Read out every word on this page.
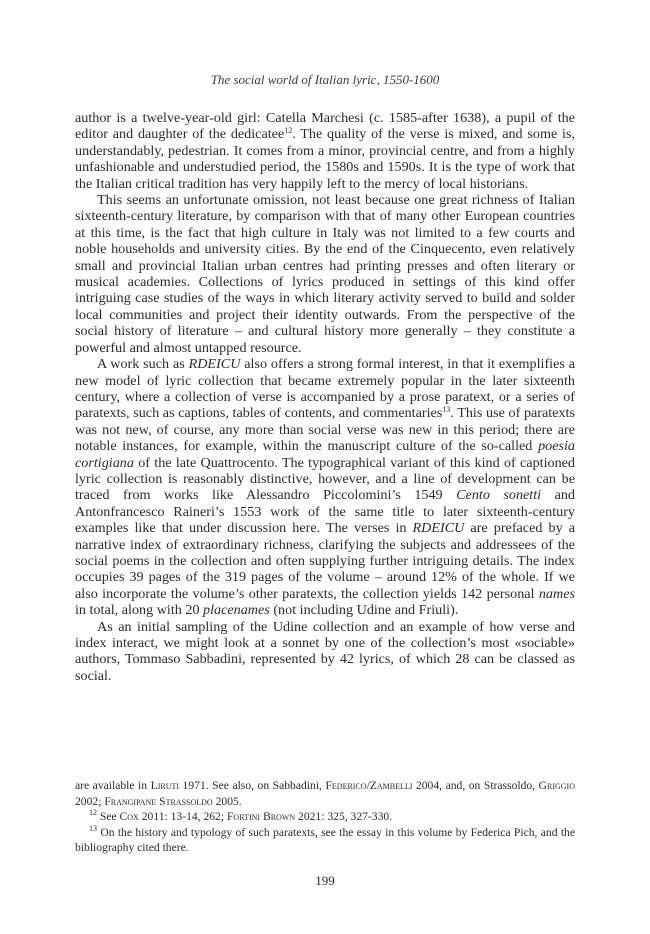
The social world of Italian lyric, 1550-1600

author is a twelve-year-old girl: Catella Marchesi (c. 1585-after 1638), a pupil of the editor and daughter of the dedicatee$^{12}$. The quality of the verse is mixed, and some is, understandably, pedestrian. It comes from a minor, provincial centre, and from a highly unfashionable and understudied period, the 1580s and 1590s. It is the type of work that the Italian critical tradition has very happily left to the mercy of local historians.

This seems an unfortunate omission, not least because one great richness of Italian sixteenth-century literature, by comparison with that of many other European countries at this time, is the fact that high culture in Italy was not limited to a few courts and noble households and university cities. By the end of the Cinquecento, even relatively small and provincial Italian urban centres had printing presses and often literary or musical academies. Collections of lyrics produced in settings of this kind offer intriguing case studies of the ways in which literary activity served to build and solder local communities and project their identity outwards. From the perspective of the social history of literature – and cultural history more generally – they constitute a powerful and almost untapped resource.

A work such as RDEICU also offers a strong formal interest, in that it exemplifies a new model of lyric collection that became extremely popular in the later sixteenth century, where a collection of verse is accompanied by a prose paratext, or a series of paratexts, such as captions, tables of contents, and commentaries$^{13}$. This use of paratexts was not new, of course, any more than social verse was new in this period; there are notable instances, for example, within the manuscript culture of the so-called poesia cortigiana of the late Quattrocento. The typographical variant of this kind of captioned lyric collection is reasonably distinctive, however, and a line of development can be traced from works like Alessandro Piccolomini’s 1549 Cento sonetti and Antonfrancesco Raineri’s 1553 work of the same title to later sixteenth-century examples like that under discussion here. The verses in RDEICU are prefaced by a narrative index of extraordinary richness, clarifying the subjects and addressees of the social poems in the collection and often supplying further intriguing details. The index occupies 39 pages of the 319 pages of the volume – around 12% of the whole. If we also incorporate the volume’s other paratexts, the collection yields 142 personal names in total, along with 20 placenames (not including Udine and Friuli).

As an initial sampling of the Udine collection and an example of how verse and index interact, we might look at a sonnet by one of the collection’s most «sociable» authors, Tommaso Sabbadini, represented by 42 lyrics, of which 28 can be classed as social.

are available in Liruti 1971. See also, on Sabbadini, Federico/Zambelli 2004, and, on Strassoldo, Griggio 2002; Frangipane Strassoldo 2005.

$^{12}$ See Cox 2011: 13-14, 262; Fortini Brown 2021: 325, 327-330.

$^{13}$ On the history and typology of such paratexts, see the essay in this volume by Federica Pich, and the bibliography cited there.

199
